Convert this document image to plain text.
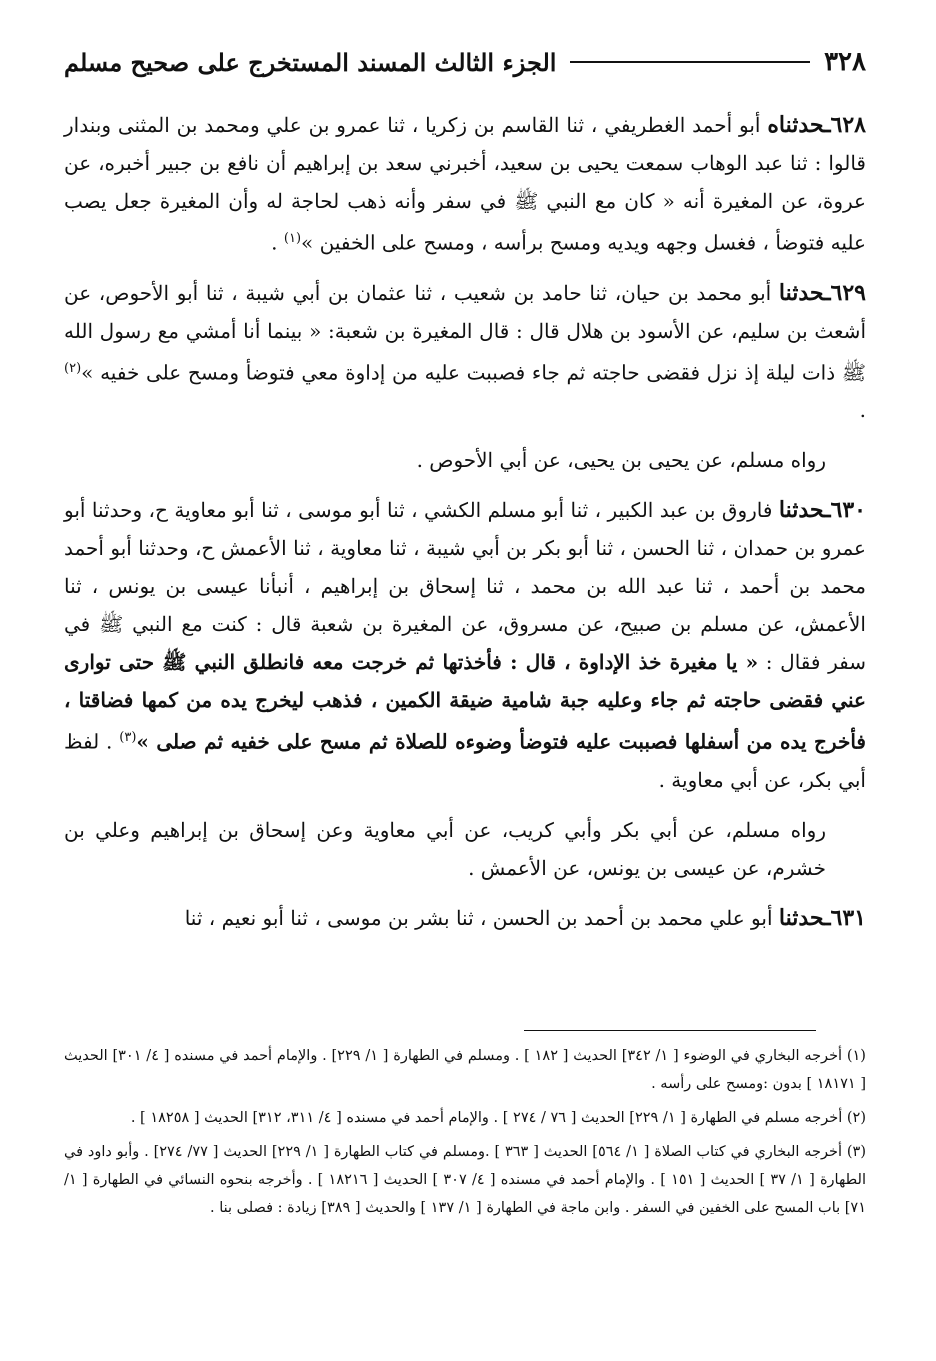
٣٢٨
الجزء الثالث المسند المستخرج على صحيح مسلم

٦٢٨ـحدثناه أبو أحمد الغطريفي ، ثنا القاسم بن زكريا ، ثنا عمرو بن علي ومحمد بن المثنى وبندار قالوا : ثنا عبد الوهاب سمعت يحيى بن سعيد، أخبرني سعد بن إبراهيم أن نافع بن جبير أخبره، عن عروة، عن المغيرة أنه « كان مع النبي ﷺ في سفر وأنه ذهب لحاجة له وأن المغيرة جعل يصب عليه فتوضأ ، فغسل وجهه ويديه ومسح برأسه ، ومسح على الخفين »$^{(١)}$ .

٦٢٩ـحدثنا أبو محمد بن حيان، ثنا حامد بن شعيب ، ثنا عثمان بن أبي شيبة ، ثنا أبو الأحوص، عن أشعث بن سليم، عن الأسود بن هلال قال : قال المغيرة بن شعبة: « بينما أنا أمشي مع رسول الله ﷺ ذات ليلة إذ نزل فقضى حاجته ثم جاء فصببت عليه من إداوة معي فتوضأ ومسح على خفيه »$^{(٢)}$ .

رواه مسلم، عن يحيى بن يحيى، عن أبي الأحوص .

٦٣٠ـحدثنا فاروق بن عبد الكبير ، ثنا أبو مسلم الكشي ، ثنا أبو موسى ، ثنا أبو معاوية ح، وحدثنا أبو عمرو بن حمدان ، ثنا الحسن ، ثنا أبو بكر بن أبي شيبة ، ثنا معاوية ، ثنا الأعمش ح، وحدثنا أبو أحمد محمد بن أحمد ، ثنا عبد الله بن محمد ، ثنا إسحاق بن إبراهيم ، أنبأنا عيسى بن يونس ، ثنا الأعمش، عن مسلم بن صبيح، عن مسروق، عن المغيرة بن شعبة قال : كنت مع النبي ﷺ في سفر فقال : « يا مغيرة خذ الإداوة ، قال : فأخذتها ثم خرجت معه فانطلق النبي ﷺ حتى توارى عني فقضى حاجته ثم جاء وعليه جبة شامية ضيقة الكمين ، فذهب ليخرج يده من كمها فضاقتا ، فأخرج يده من أسفلها فصببت عليه فتوضأ وضوءه للصلاة ثم مسح على خفيه ثم صلى »$^{(٣)}$ . لفظ أبي بكر، عن أبي معاوية .

رواه مسلم، عن أبي بكر وأبي كريب، عن أبي معاوية وعن إسحاق بن إبراهيم وعلي بن خشرم، عن عيسى بن يونس، عن الأعمش .

٦٣١ـحدثنا أبو علي محمد بن أحمد بن الحسن ، ثنا بشر بن موسى ، ثنا أبو نعيم ، ثنا

(١) أخرجه البخاري في الوضوء [ ١/ ٣٤٢] الحديث [ ١٨٢ ] . ومسلم في الطهارة [ ١/ ٢٢٩] . والإمام أحمد في مسنده [ ٤/ ٣٠١] الحديث [ ١٨١٧١ ] بدون :ومسح على رأسه .

(٢) أخرجه مسلم في الطهارة [ ١/ ٢٢٩] الحديث [ ٧٦ / ٢٧٤ ] . والإمام أحمد في مسنده [ ٤/ ٣١١، ٣١٢] الحديث [ ١٨٢٥٨ ] .

(٣) أخرجه البخاري في كتاب الصلاة [ ١/ ٥٦٤] الحديث [ ٣٦٣ ] .ومسلم في كتاب الطهارة [ ١/ ٢٢٩] الحديث [ ٧٧/ ٢٧٤] . وأبو داود في الطهارة [ ١/ ٣٧ ] الحديث [ ١٥١ ] . والإمام أحمد في مسنده [ ٤/ ٣٠٧ ] الحديث [ ١٨٢١٦ ] . وأخرجه بنحوه النسائي في الطهارة [ ١/ ٧١] باب المسح على الخفين في السفر . وابن ماجة في الطهارة [ ١/ ١٣٧ ] والحديث [ ٣٨٩] زيادة : فصلى بنا .
